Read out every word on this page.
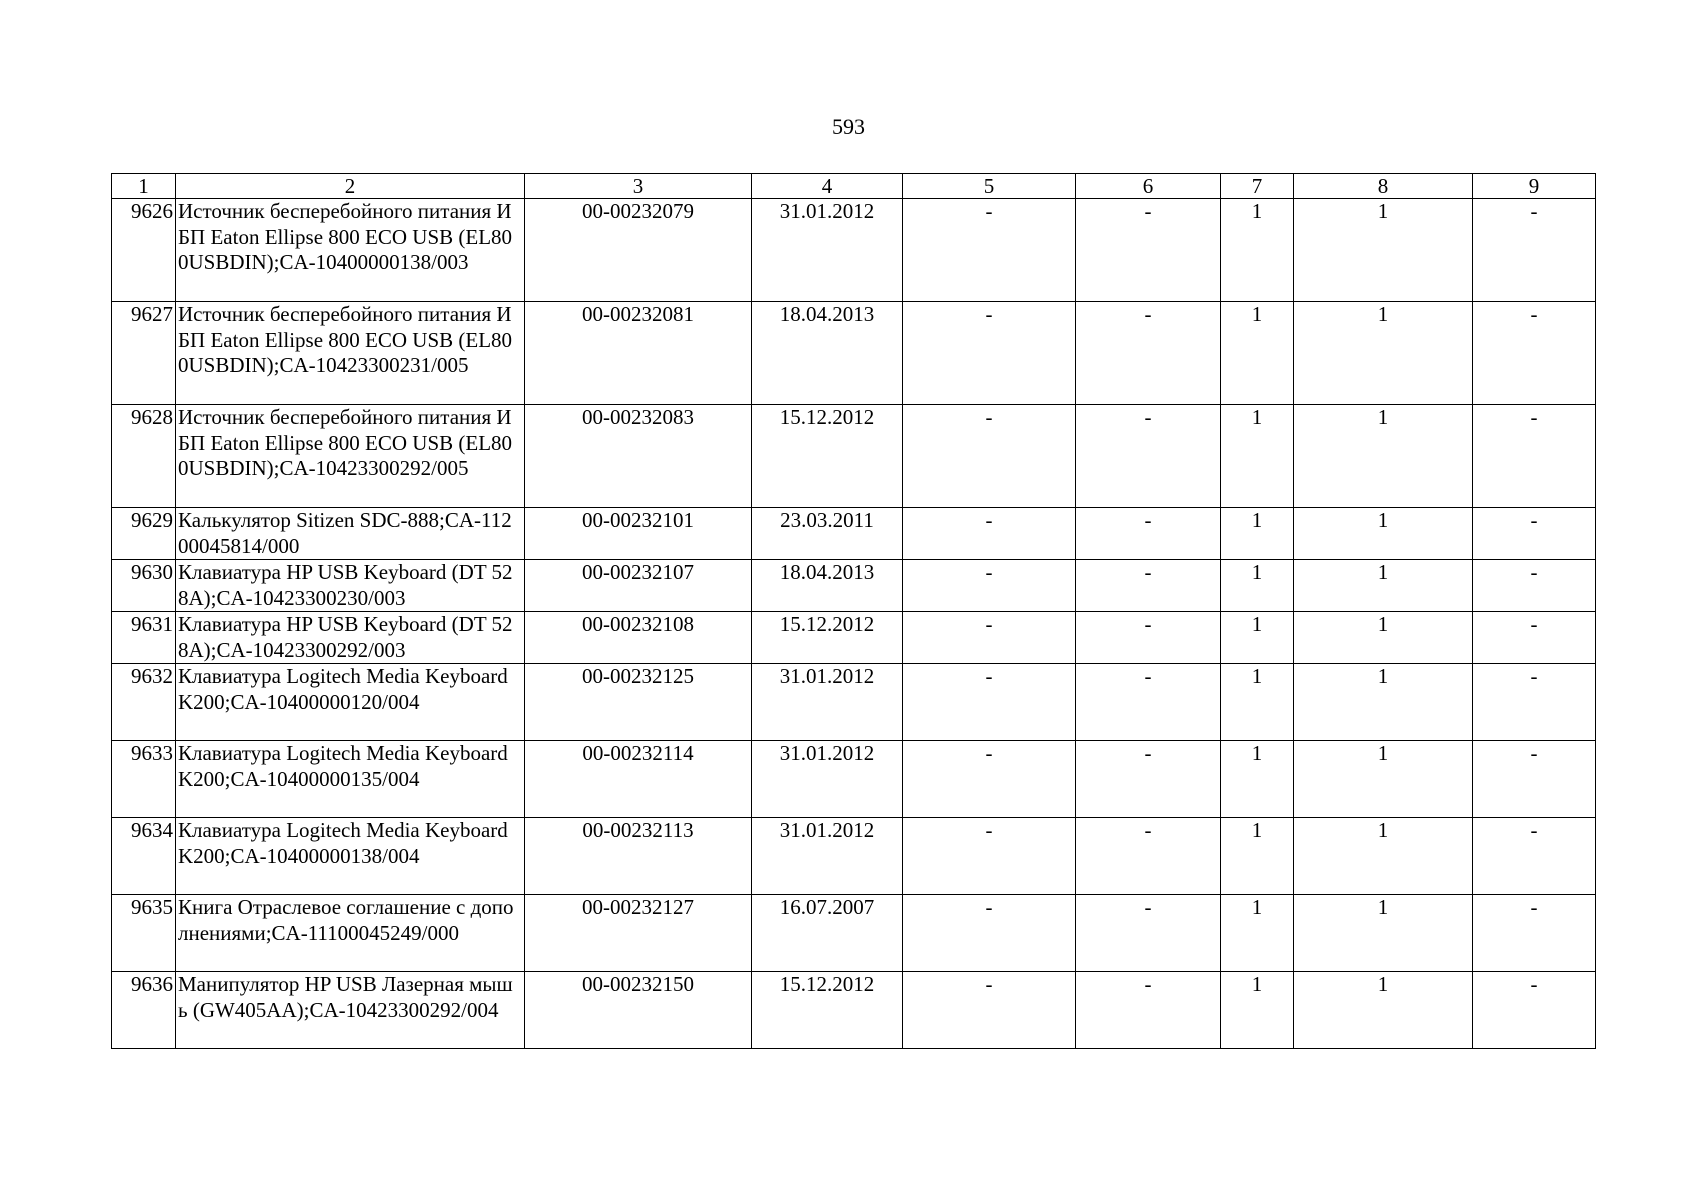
593
1	2	3	4	5	6	7	8	9
9626	Источник бесперебойного питания ИБП Eaton Ellipse 800 ECO USB (EL800USBDIN);CA-10400000138/003	00-00232079	31.01.2012	-	-	1	1	-
9627	Источник бесперебойного питания ИБП Eaton Ellipse 800 ECO USB (EL800USBDIN);CA-10423300231/005	00-00232081	18.04.2013	-	-	1	1	-
9628	Источник бесперебойного питания ИБП Eaton Ellipse 800 ECO USB (EL800USBDIN);CA-10423300292/005	00-00232083	15.12.2012	-	-	1	1	-
9629	Калькулятор Sitizen SDC-888;CA-11200045814/000	00-00232101	23.03.2011	-	-	1	1	-
9630	Клавиатура HP USB Keyboard (DT 528A);CA-10423300230/003	00-00232107	18.04.2013	-	-	1	1	-
9631	Клавиатура HP USB Keyboard (DT 528A);CA-10423300292/003	00-00232108	15.12.2012	-	-	1	1	-
9632	Клавиатура Logitech Media Keyboard K200;CA-10400000120/004	00-00232125	31.01.2012	-	-	1	1	-
9633	Клавиатура Logitech Media Keyboard K200;CA-10400000135/004	00-00232114	31.01.2012	-	-	1	1	-
9634	Клавиатура Logitech Media Keyboard K200;CA-10400000138/004	00-00232113	31.01.2012	-	-	1	1	-
9635	Книга Отраслевое соглашение с дополнениями;CA-11100045249/000	00-00232127	16.07.2007	-	-	1	1	-
9636	Манипулятор HP USB Лазерная мышь (GW405AA);CA-10423300292/004	00-00232150	15.12.2012	-	-	1	1	-
